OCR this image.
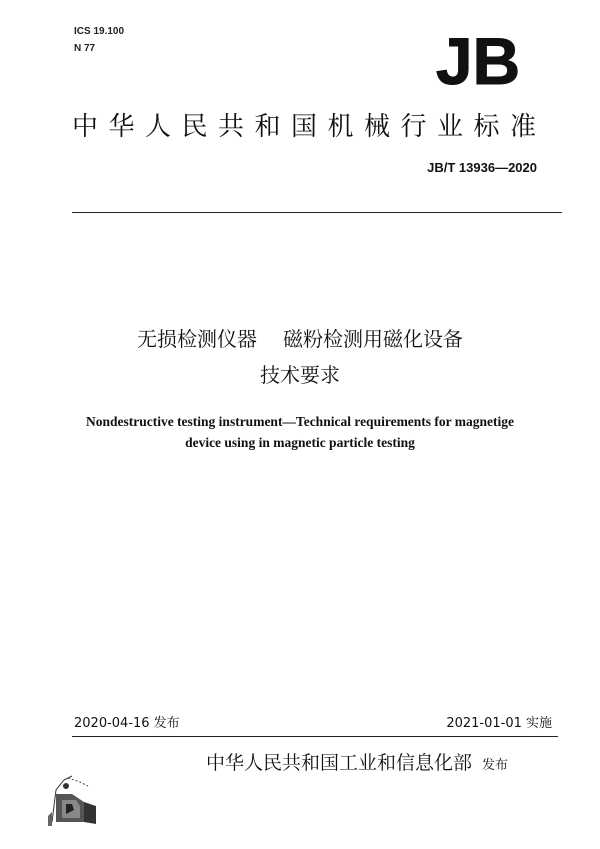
ICS 19.100
N 77	JB
中华人民共和国机械行业标准
JB/T 13936—2020
无损检测仪器 磁粉检测用磁化设备
技术要求
Nondestructive testing instrument—Technical requirements for magnetige
device using in magnetic particle testing
2020-04-16 发布	2021-01-01 实施
中华人民共和国工业和信息化部 发布
